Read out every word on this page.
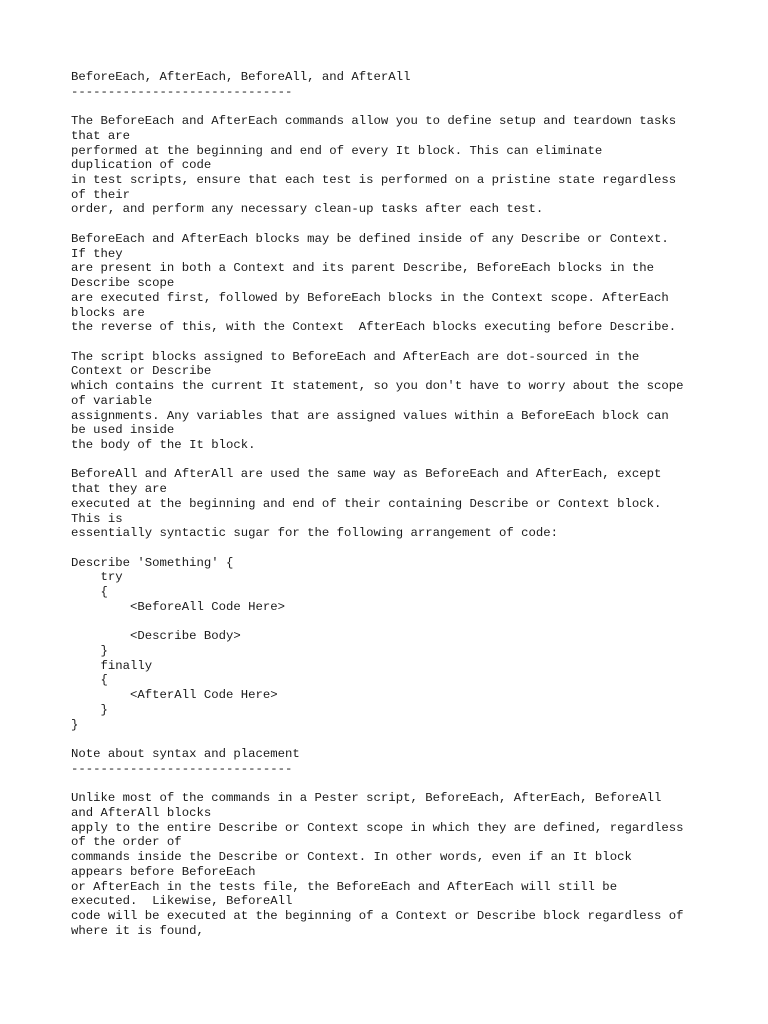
BeforeEach, AfterEach, BeforeAll, and AfterAll
------------------------------
The BeforeEach and AfterEach commands allow you to define setup and teardown tasks
that are
performed at the beginning and end of every It block. This can eliminate
duplication of code
in test scripts, ensure that each test is performed on a pristine state regardless
of their
order, and perform any necessary clean-up tasks after each test.
BeforeEach and AfterEach blocks may be defined inside of any Describe or Context.
If they
are present in both a Context and its parent Describe, BeforeEach blocks in the
Describe scope
are executed first, followed by BeforeEach blocks in the Context scope. AfterEach
blocks are
the reverse of this, with the Context  AfterEach blocks executing before Describe.
The script blocks assigned to BeforeEach and AfterEach are dot-sourced in the
Context or Describe
which contains the current It statement, so you don't have to worry about the scope
of variable
assignments. Any variables that are assigned values within a BeforeEach block can
be used inside
the body of the It block.
BeforeAll and AfterAll are used the same way as BeforeEach and AfterEach, except
that they are
executed at the beginning and end of their containing Describe or Context block.
This is
essentially syntactic sugar for the following arrangement of code:
Describe 'Something' {
try
{
<BeforeAll Code Here>
<Describe Body>
}
finally
{
<AfterAll Code Here>
}
}
Note about syntax and placement
------------------------------
Unlike most of the commands in a Pester script, BeforeEach, AfterEach, BeforeAll
and AfterAll blocks
apply to the entire Describe or Context scope in which they are defined, regardless
of the order of
commands inside the Describe or Context. In other words, even if an It block
appears before BeforeEach
or AfterEach in the tests file, the BeforeEach and AfterEach will still be
executed.  Likewise, BeforeAll
code will be executed at the beginning of a Context or Describe block regardless of
where it is found,
